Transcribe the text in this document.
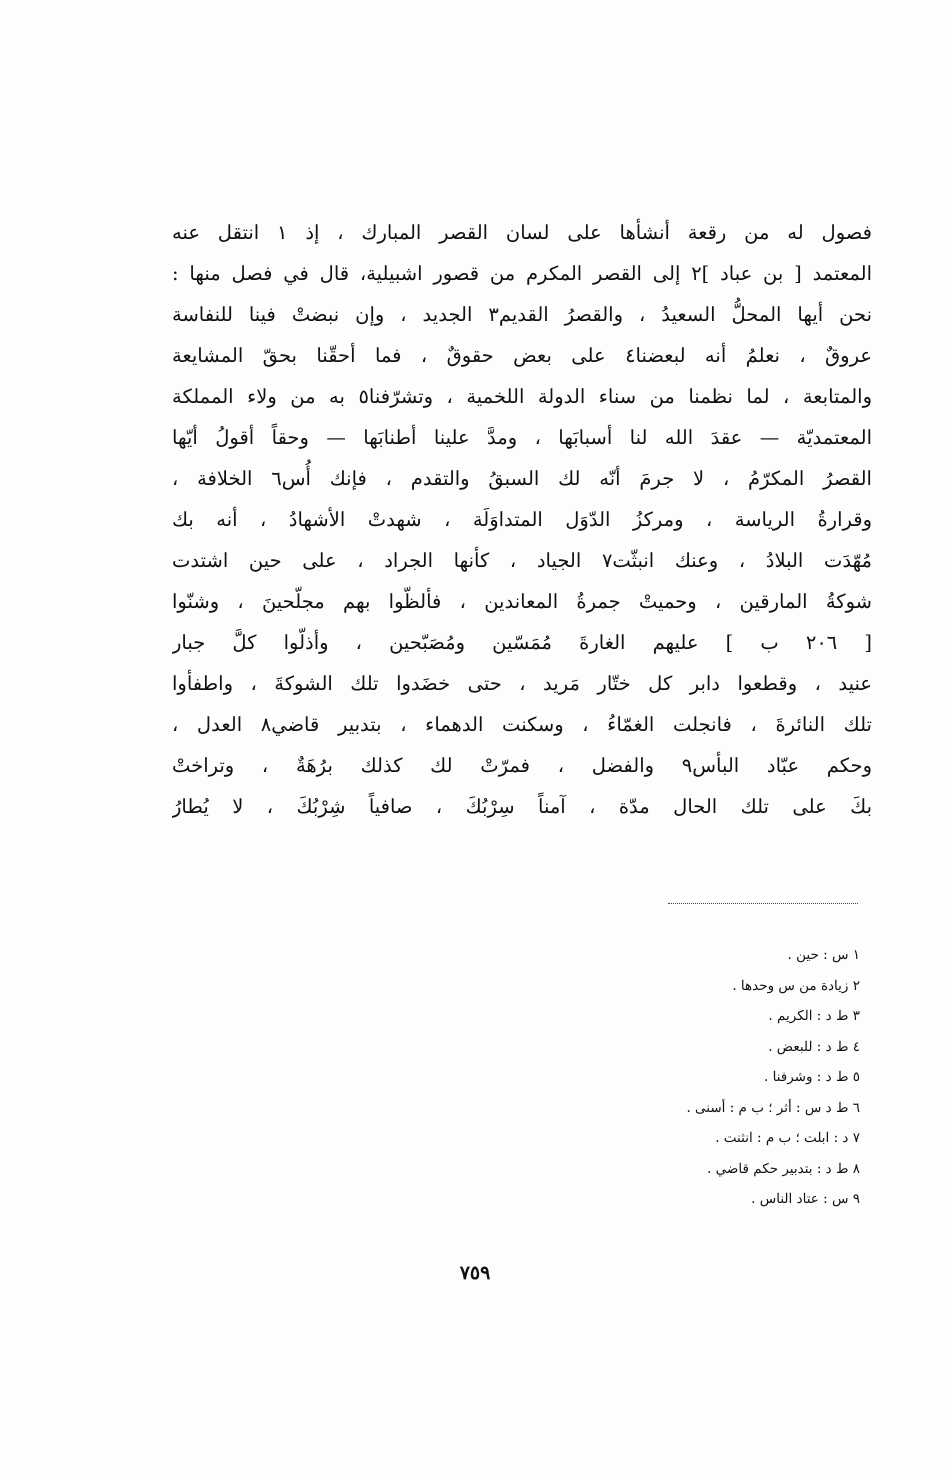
فصول له من رقعة أنشأها على لسان القصر المبارك ، إذ ١ انتقل عنه
المعتمد [ بن عباد ]٢ إلى القصر المكرم من قصور اشبيلية، قال في فصل منها :
نحن أيها المحلُّ السعيدُ ، والقصرُ القديم٣ الجديد ، وإن نبضتْ فينا للنفاسة
عروقٌ ، نعلمُ أنه لبعضنا٤ على بعض حقوقٌ ، فما أحقّنا بحقّ المشايعة
والمتابعة ، لما نظمنا من سناء الدولة اللخمية ، وتشرّفنا٥ به من ولاء المملكة
المعتمديّة — عقدَ الله لنا أسبابَها ، ومدَّ علينا أطنابَها — وحقاً أقولُ أيّها
القصرُ المكرّمُ ، لا جرمَ أنّه لك السبقُ والتقدم ، فإنك أُس٦ الخلافة ،
وقرارةُ الرياسة ، ومركزُ الدّوَل المتداوَلَة ، شهدتْ الأشهادُ ، أنه بك
مُهّدَت البلادُ ، وعنك انبثّت٧ الجياد ، كأنها الجراد ، على حين اشتدت
شوكةُ المارقين ، وحميتْ جمرةُ المعاندين ، فألظّوا بهم مجلّحينَ ، وشنّوا
[ ٢٠٦ ب ] عليهم الغارةَ مُمَسّين ومُصَبّحين ، وأذلّوا كلَّ جبار
عنيد ، وقطعوا دابر كل ختّار مَريد ، حتى خضَدوا تلك الشوكةَ ، واطفأوا
تلك النائرةَ ، فانجلت الغمّاءُ ، وسكنت الدهماء ، بتدبير قاضي٨ العدل ،
وحكم عبّاد البأس٩ والفضل ، فمرّتْ لك كذلك برُهَةٌ ، وتراختْ
بكَ على تلك الحال مدّة ، آمناً سِرْبُكَ ، صافياً شِرْبُكَ ، لا يُطارُ
١ س : حين .
٢ زيادة من س وحدها .
٣ ط د : الكريم .
٤ ط د : للبعض .
٥ ط د : وشرفنا .
٦ ط د س : أثر ؛ ب م : أسنى .
٧ د : ابلت ؛ ب م : انثنت .
٨ ط د : بتدبير حكم قاضي .
٩ س : عتاد الناس .
٧٥٩
